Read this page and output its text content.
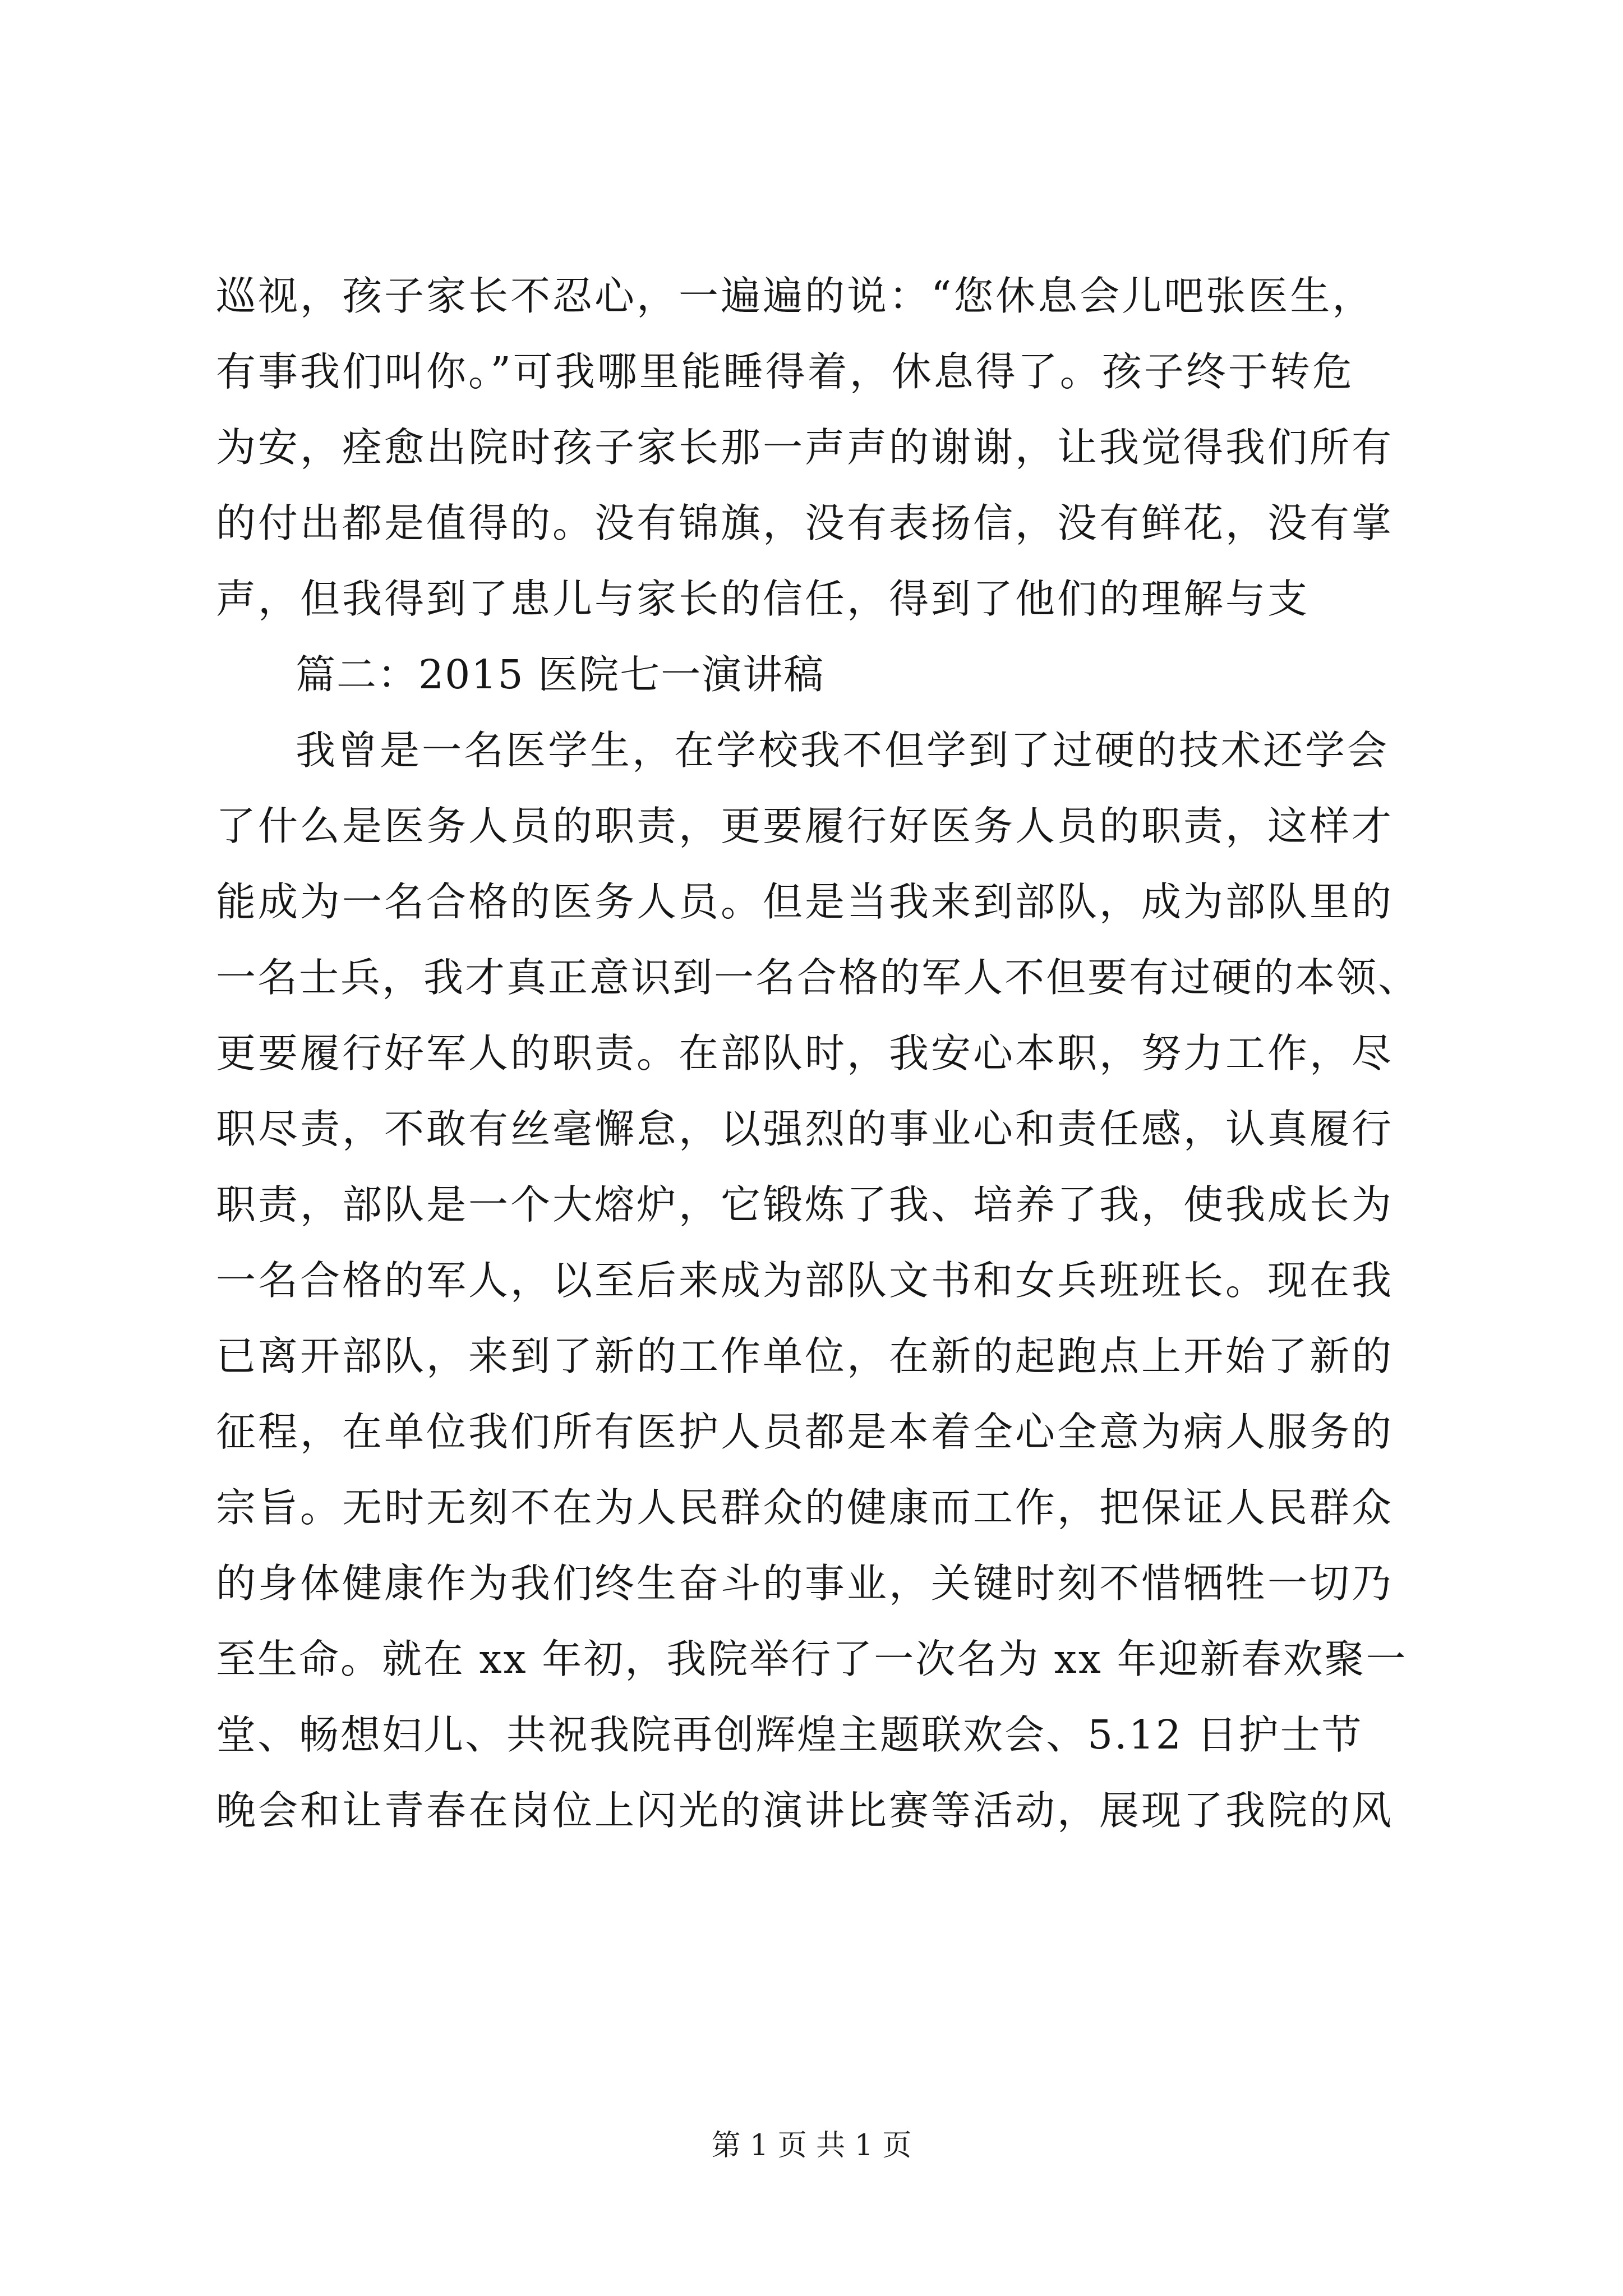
巡视，孩子家长不忍心，一遍遍的说：“您休息会儿吧张医生，
有事我们叫你。”可我哪里能睡得着，休息得了。孩子终于转危
为安，痊愈出院时孩子家长那一声声的谢谢，让我觉得我们所有
的付出都是值得的。没有锦旗，没有表扬信，没有鲜花，没有掌
声，但我得到了患儿与家长的信任，得到了他们的理解与支
篇二：2015 医院七一演讲稿
我曾是一名医学生，在学校我不但学到了过硬的技术还学会
了什么是医务人员的职责，更要履行好医务人员的职责，这样才
能成为一名合格的医务人员。但是当我来到部队，成为部队里的
一名士兵，我才真正意识到一名合格的军人不但要有过硬的本领、
更要履行好军人的职责。在部队时，我安心本职，努力工作，尽
职尽责，不敢有丝毫懈怠，以强烈的事业心和责任感，认真履行
职责，部队是一个大熔炉，它锻炼了我、培养了我，使我成长为
一名合格的军人，以至后来成为部队文书和女兵班班长。现在我
已离开部队，来到了新的工作单位，在新的起跑点上开始了新的
征程，在单位我们所有医护人员都是本着全心全意为病人服务的
宗旨。无时无刻不在为人民群众的健康而工作，把保证人民群众
的身体健康作为我们终生奋斗的事业，关键时刻不惜牺牲一切乃
至生命。就在 xx 年初，我院举行了一次名为 xx 年迎新春欢聚一
堂、畅想妇儿、共祝我院再创辉煌主题联欢会、5.12 日护士节
晚会和让青春在岗位上闪光的演讲比赛等活动，展现了我院的风
第 1 页 共 1 页
